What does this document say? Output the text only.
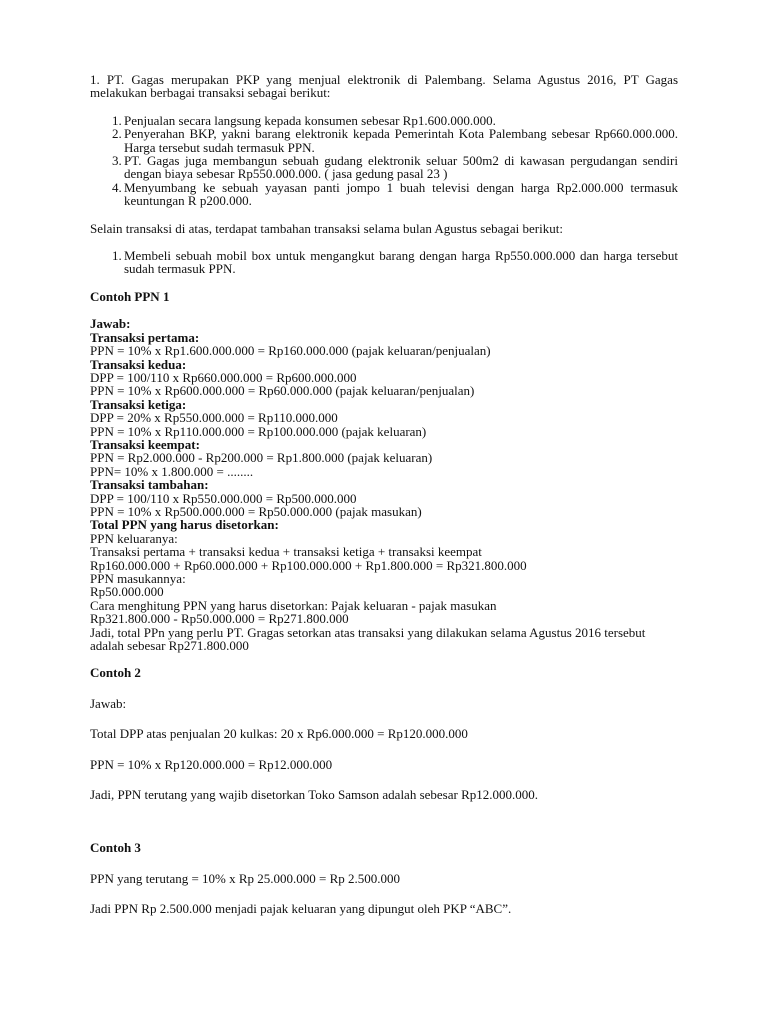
1. PT. Gagas merupakan PKP yang menjual elektronik di Palembang. Selama Agustus 2016, PT Gagas melakukan berbagai transaksi sebagai berikut:

1. Penjualan secara langsung kepada konsumen sebesar Rp1.600.000.000.
2. Penyerahan BKP, yakni barang elektronik kepada Pemerintah Kota Palembang sebesar Rp660.000.000. Harga tersebut sudah termasuk PPN.
3. PT. Gagas juga membangun sebuah gudang elektronik seluar 500m2 di kawasan pergudangan sendiri dengan biaya sebesar Rp550.000.000. ( jasa gedung pasal 23 )
4. Menyumbang ke sebuah yayasan panti jompo 1 buah televisi dengan harga Rp2.000.000 termasuk keuntungan R p200.000.

Selain transaksi di atas, terdapat tambahan transaksi selama bulan Agustus sebagai berikut:

1. Membeli sebuah mobil box untuk mengangkut barang dengan harga Rp550.000.000 dan harga tersebut sudah termasuk PPN.

Contoh PPN 1

Jawab:

Transaksi pertama:

PPN = 10% x Rp1.600.000.000 = Rp160.000.000 (pajak keluaran/penjualan)

Transaksi kedua:

DPP = 100/110 x Rp660.000.000 = Rp600.000.000

PPN = 10% x Rp600.000.000 = Rp60.000.000 (pajak keluaran/penjualan)

Transaksi ketiga:

DPP = 20% x Rp550.000.000 = Rp110.000.000

PPN = 10% x Rp110.000.000 = Rp100.000.000 (pajak keluaran)

Transaksi keempat:

PPN = Rp2.000.000 - Rp200.000 = Rp1.800.000 (pajak keluaran)

PPN= 10% x 1.800.000 = ........

Transaksi tambahan:

DPP = 100/110 x Rp550.000.000 = Rp500.000.000

PPN = 10% x Rp500.000.000 = Rp50.000.000 (pajak masukan)

Total PPN yang harus disetorkan:

PPN keluaranya:

Transaksi pertama + transaksi kedua + transaksi ketiga + transaksi keempat

Rp160.000.000 + Rp60.000.000 + Rp100.000.000 + Rp1.800.000 = Rp321.800.000

PPN masukannya:

Rp50.000.000

Cara menghitung PPN yang harus disetorkan: Pajak keluaran - pajak masukan

Rp321.800.000 - Rp50.000.000 = Rp271.800.000

Jadi, total PPn yang perlu PT. Gragas setorkan atas transaksi yang dilakukan selama Agustus 2016 tersebut adalah sebesar Rp271.800.000

Contoh 2

Jawab:

Total DPP atas penjualan 20 kulkas: 20 x Rp6.000.000 = Rp120.000.000

PPN = 10% x Rp120.000.000 = Rp12.000.000

Jadi, PPN terutang yang wajib disetorkan Toko Samson adalah sebesar Rp12.000.000.

Contoh 3

PPN yang terutang = 10% x Rp 25.000.000 = Rp 2.500.000

Jadi PPN Rp 2.500.000 menjadi pajak keluaran yang dipungut oleh PKP “ABC”.
